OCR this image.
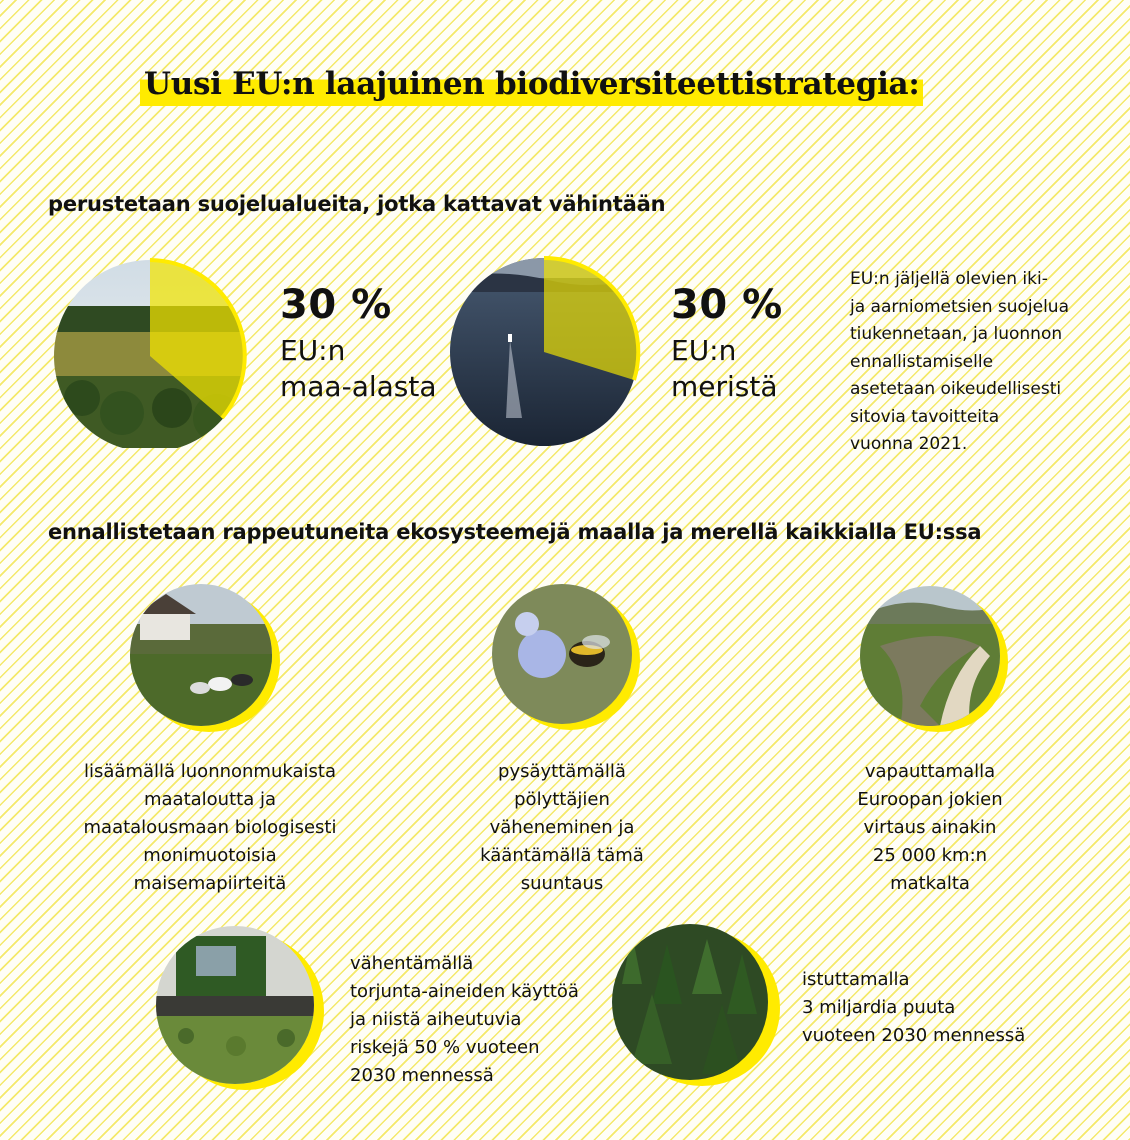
Uusi EU:n laajuinen biodiversiteettistrategia:
perustetaan suojelualueita, jotka kattavat vähintään
30 %
EU:n
maa-alasta
30 %
EU:n
meristä
EU:n jäljellä olevien iki-
ja aarniometsien suojelua
tiukennetaan, ja luonnon
ennallistamiselle
asetetaan oikeudellisesti
sitovia tavoitteita
vuonna 2021.
ennallistetaan rappeutuneita ekosysteemejä maalla ja merellä kaikkialla EU:ssa
lisäämällä luonnonmukaista
maataloutta ja
maatalousmaan biologisesti
monimuotoisia
maisemapiirteitä
pysäyttämällä
pölyttäjien
väheneminen ja
kääntämällä tämä
suuntaus
vapauttamalla
Euroopan jokien
virtaus ainakin
25 000 km:n
matkalta
vähentämällä
torjunta-aineiden käyttöä
ja niistä aiheutuvia
riskejä 50 % vuoteen
2030 mennessä
istuttamalla
3 miljardia puuta
vuoteen 2030 mennessä
